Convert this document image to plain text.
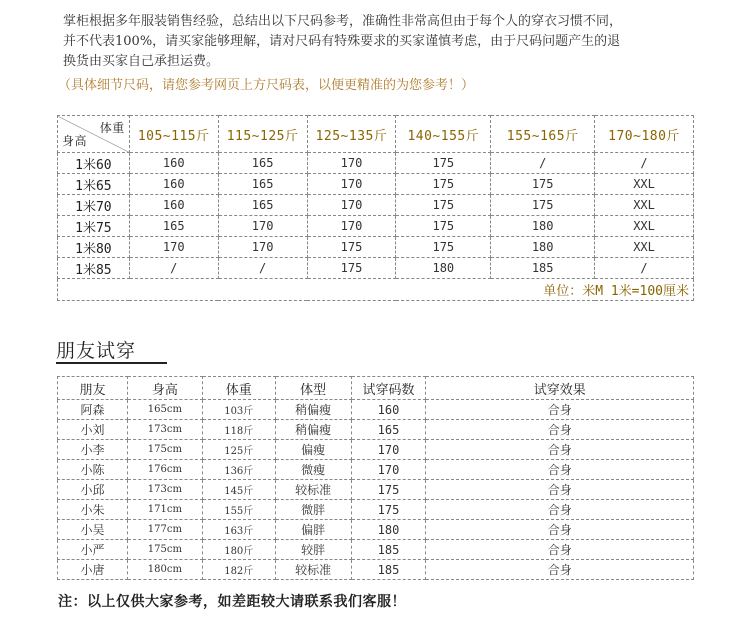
掌柜根据多年服装销售经验，总结出以下尺码参考，准确性非常高但由于每个人的穿衣习惯不同，

并不代表100%，请买家能够理解，请对尺码有特殊要求的买家谨慎考虑，由于尺码问题产生的退

换货由买家自己承担运费。

（具体细节尺码，请您参考网页上方尺码表，以便更精准的为您参考！）
体重
身高	105~115斤	115~125斤	125~135斤	140~155斤	155~165斤	170~180斤
1米60	160	165	170	175	/	/
1米65	160	165	170	175	175	XXL
1米70	160	165	170	175	175	XXL
1米75	165	170	170	175	180	XXL
1米80	170	170	175	175	180	XXL
1米85	/	/	175	180	185	/
单位：米M 1米=100厘米						
朋友试穿
朋友	身高	体重	体型	试穿码数	试穿效果
阿森	165cm	103斤	稍偏瘦	160	合身
小刘	173cm	118斤	稍偏瘦	165	合身
小李	175cm	125斤	偏瘦	170	合身
小陈	176cm	136斤	微瘦	170	合身
小邱	173cm	145斤	较标准	175	合身
小朱	171cm	155斤	微胖	175	合身
小吴	177cm	163斤	偏胖	180	合身
小严	175cm	180斤	较胖	185	合身
小唐	180cm	182斤	较标准	185	合身
注：以上仅供大家参考，如差距较大请联系我们客服！
